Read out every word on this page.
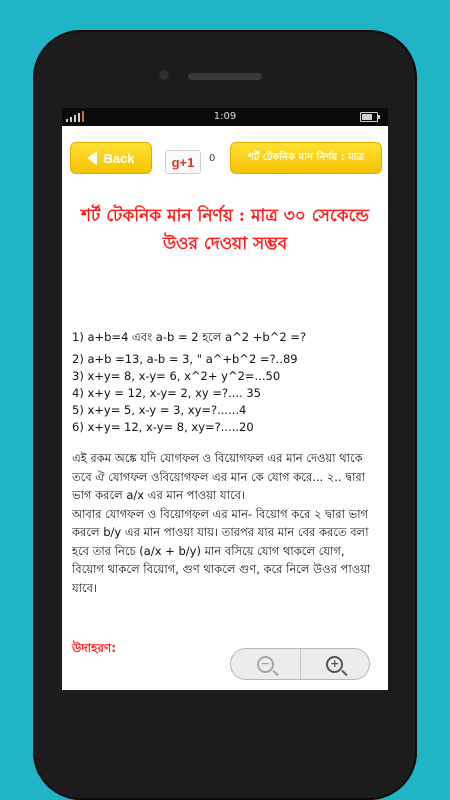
1:09
Back	g+1	0	শর্ট টেকনিক মান নির্ণয় : মাত্র
শর্ট টেকনিক মান নির্ণয় : মাত্র ৩০ সেকেন্ডে উওর দেওয়া সম্ভব
1) a+b=4 এবং a-b = 2 হলে a^2 +b^2 =?
2) a+b =13, a-b = 3, " a^+b^2 =?..89
3) x+y= 8, x-y= 6, x^2+ y^2=...50
4) x+y = 12, x-y= 2, xy =?.... 35
5) x+y= 5, x-y = 3, xy=?......4
6) x+y= 12, x-y= 8, xy=?.....20
এই রকম অঙ্কে যদি যোগফল ও বিয়োগফল এর মান দেওয়া থাকে তবে ঐ যোগফল ওবিয়োগফল এর মান কে যোগ করে... ২.. দ্বারা ভাগ করলে a/x এর মান পাওয়া যাবে।
আবার যোগফল ও বিয়োগফল এর মান- বিয়োগ করে ২ দ্বারা ভাগ করলে b/y এর মান পাওয়া যায়। তারপর যার মান বের করতে বলা হবে তার নিচে (a/x + b/y) মান বসিয়ে যোগ থাকলে যোগ, বিয়োগ থাকলে বিয়োগ, গুণ থাকলে গুণ, করে নিলে উওর পাওয়া যাবে।
উদাহরণ:
−	+
